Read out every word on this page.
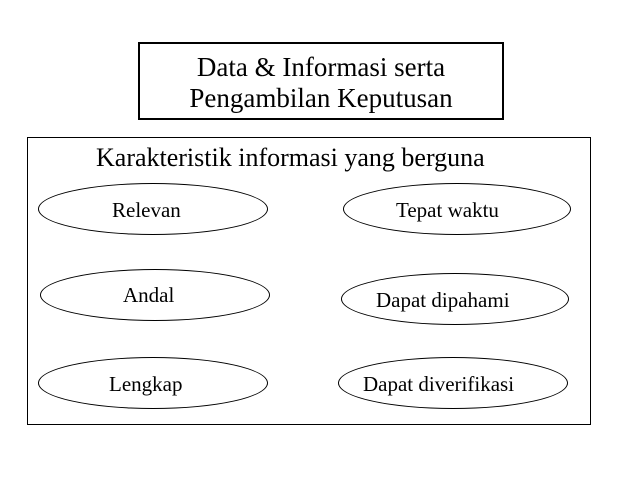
Data & Informasi serta
Pengambilan Keputusan
Karakteristik informasi yang berguna
Relevan
Andal
Lengkap
Tepat waktu
Dapat dipahami
Dapat diverifikasi
